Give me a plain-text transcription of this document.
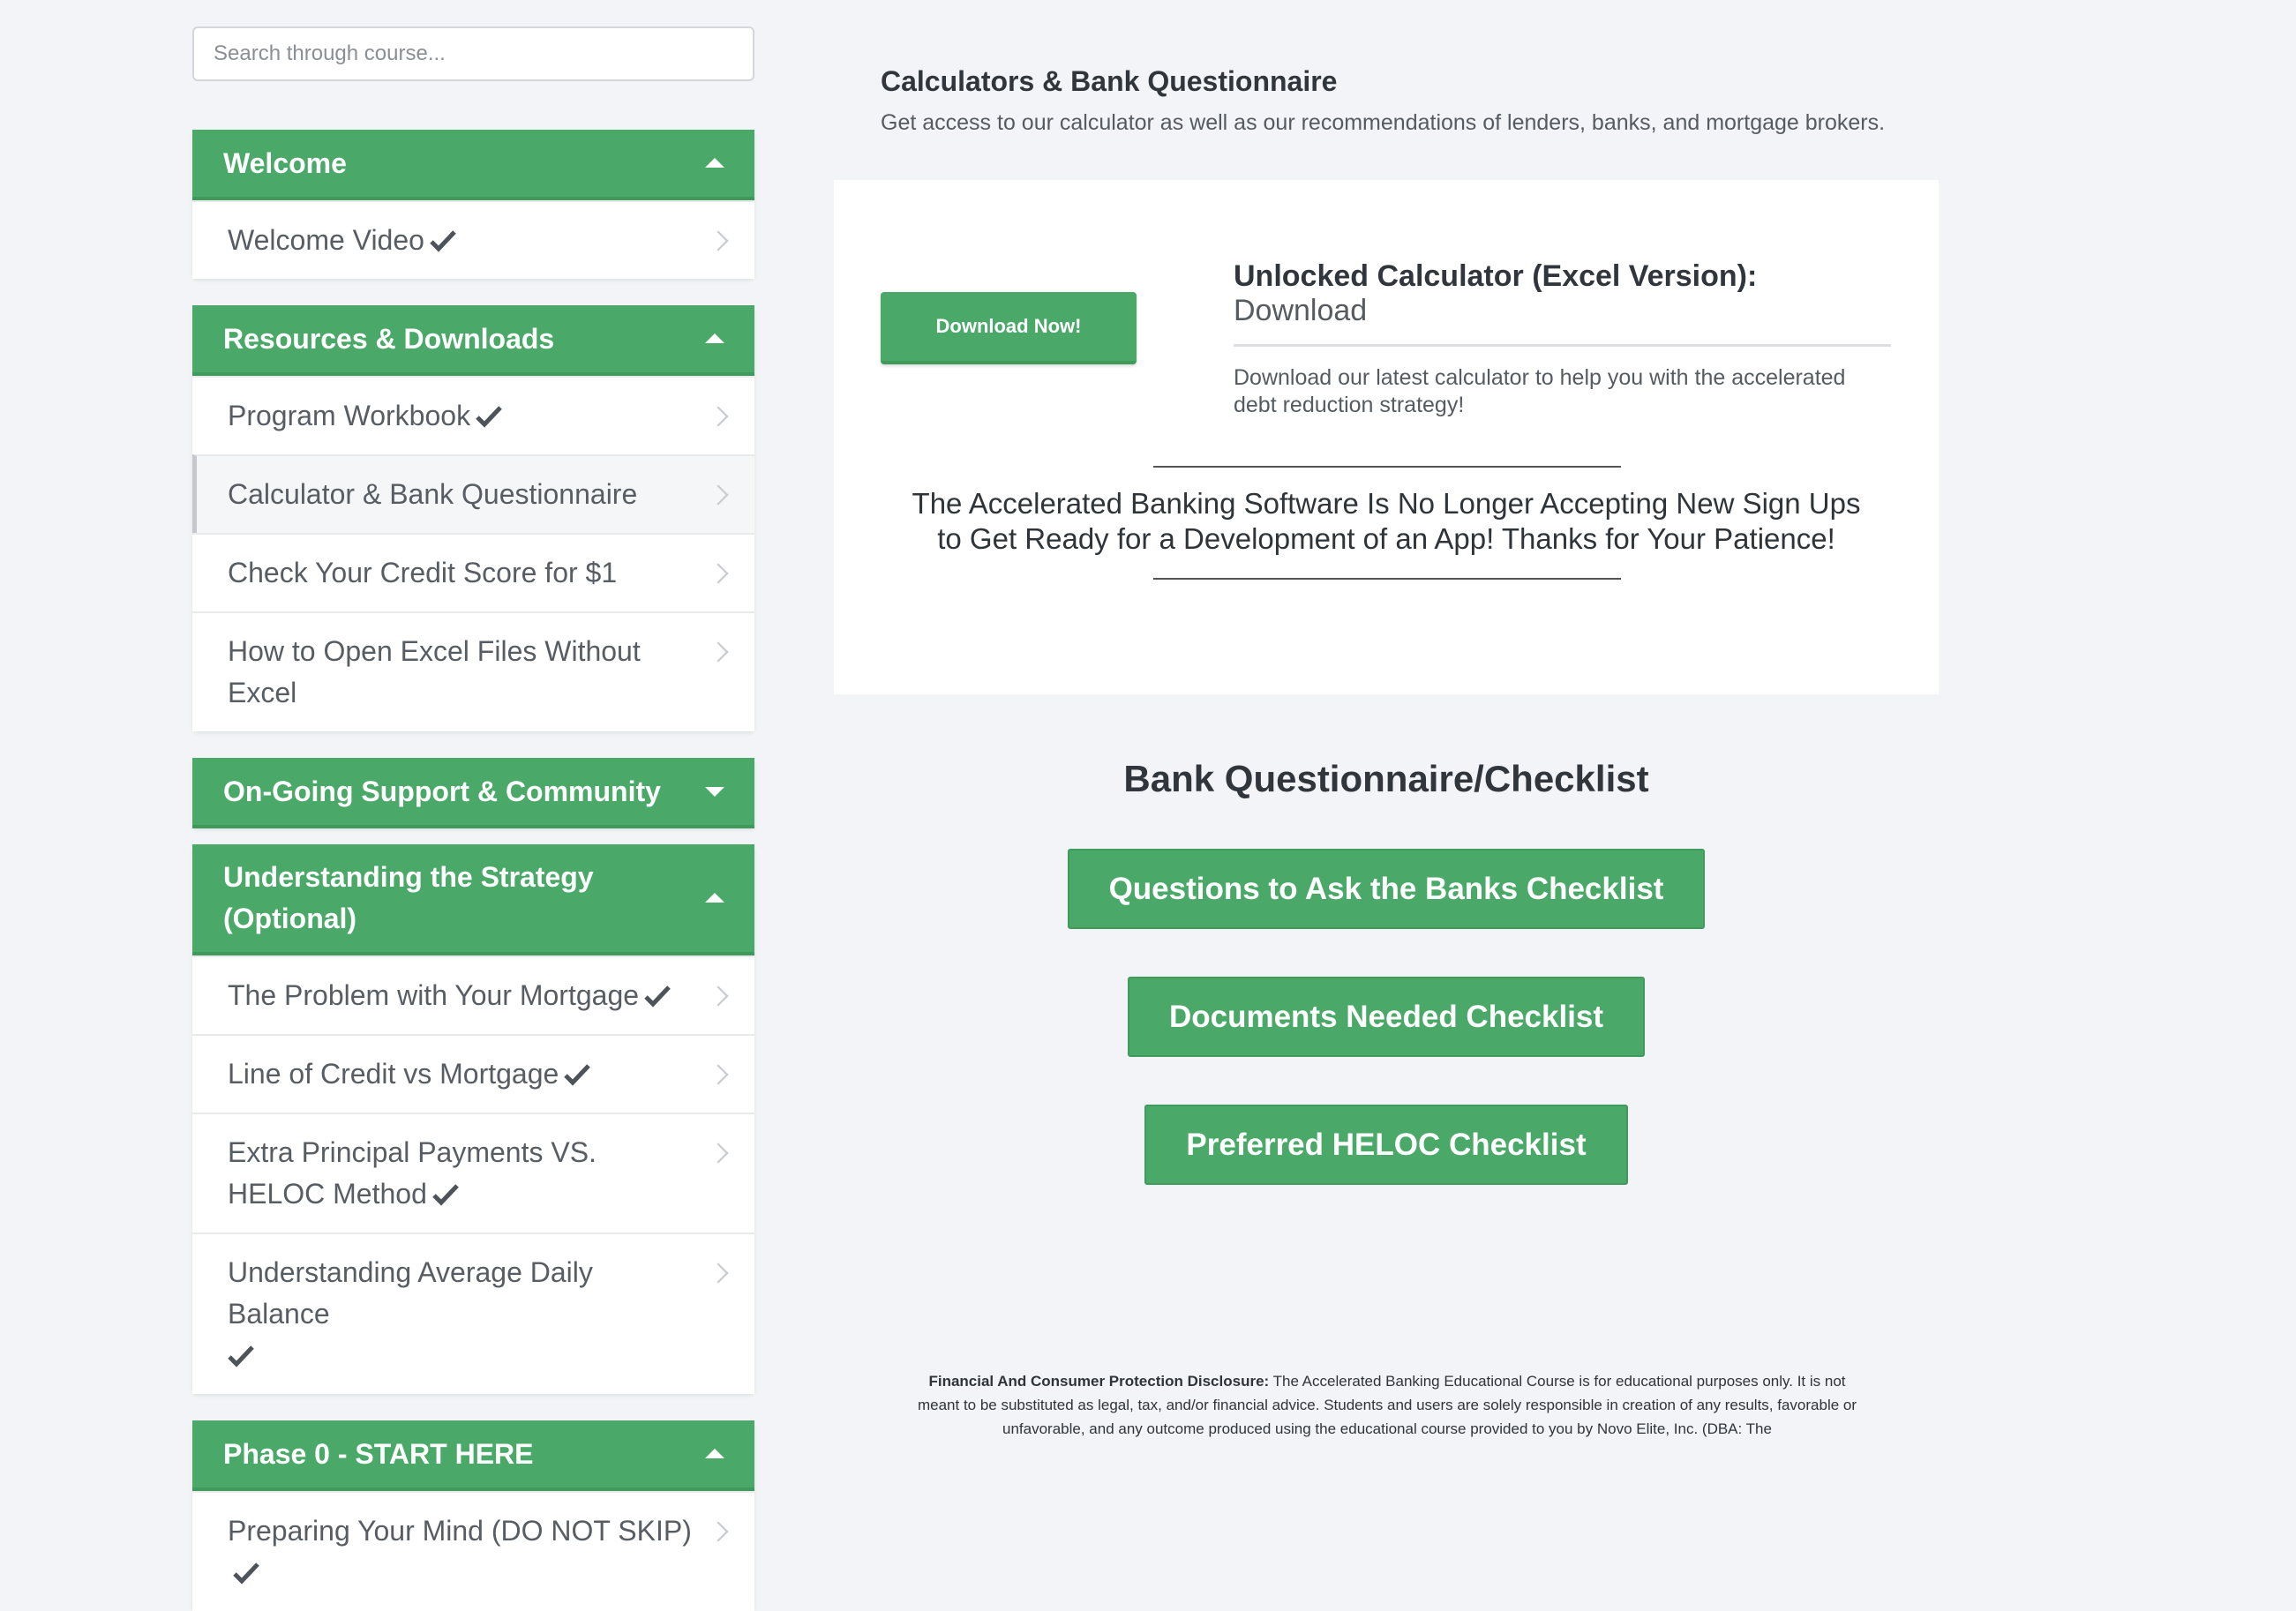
Search through course...
Welcome
Welcome Video
Resources & Downloads
Program Workbook
Calculator & Bank Questionnaire
Check Your Credit Score for $1
How to Open Excel Files Without Excel
On-Going Support & Community
Understanding the Strategy (Optional)
The Problem with Your Mortgage
Line of Credit vs Mortgage
Extra Principal Payments VS. HELOC Method
Understanding Average Daily Balance

Phase 0 - START HERE
Preparing Your Mind (DO NOT SKIP)
Calculators & Bank Questionnaire
Get access to our calculator as well as our recommendations of lenders, banks, and mortgage brokers.
Download Now!
Unlocked Calculator (Excel Version): Download
Download our latest calculator to help you with the accelerated debt reduction strategy!
The Accelerated Banking Software Is No Longer Accepting New Sign Ups to Get Ready for a Development of an App! Thanks for Your Patience!
Bank Questionnaire/Checklist
Questions to Ask the Banks Checklist
Documents Needed Checklist
Preferred HELOC Checklist
Financial And Consumer Protection Disclosure: The Accelerated Banking Educational Course is for educational purposes only. It is not meant to be substituted as legal, tax, and/or financial advice. Students and users are solely responsible in creation of any results, favorable or unfavorable, and any outcome produced using the educational course provided to you by Novo Elite, Inc. (DBA: The
